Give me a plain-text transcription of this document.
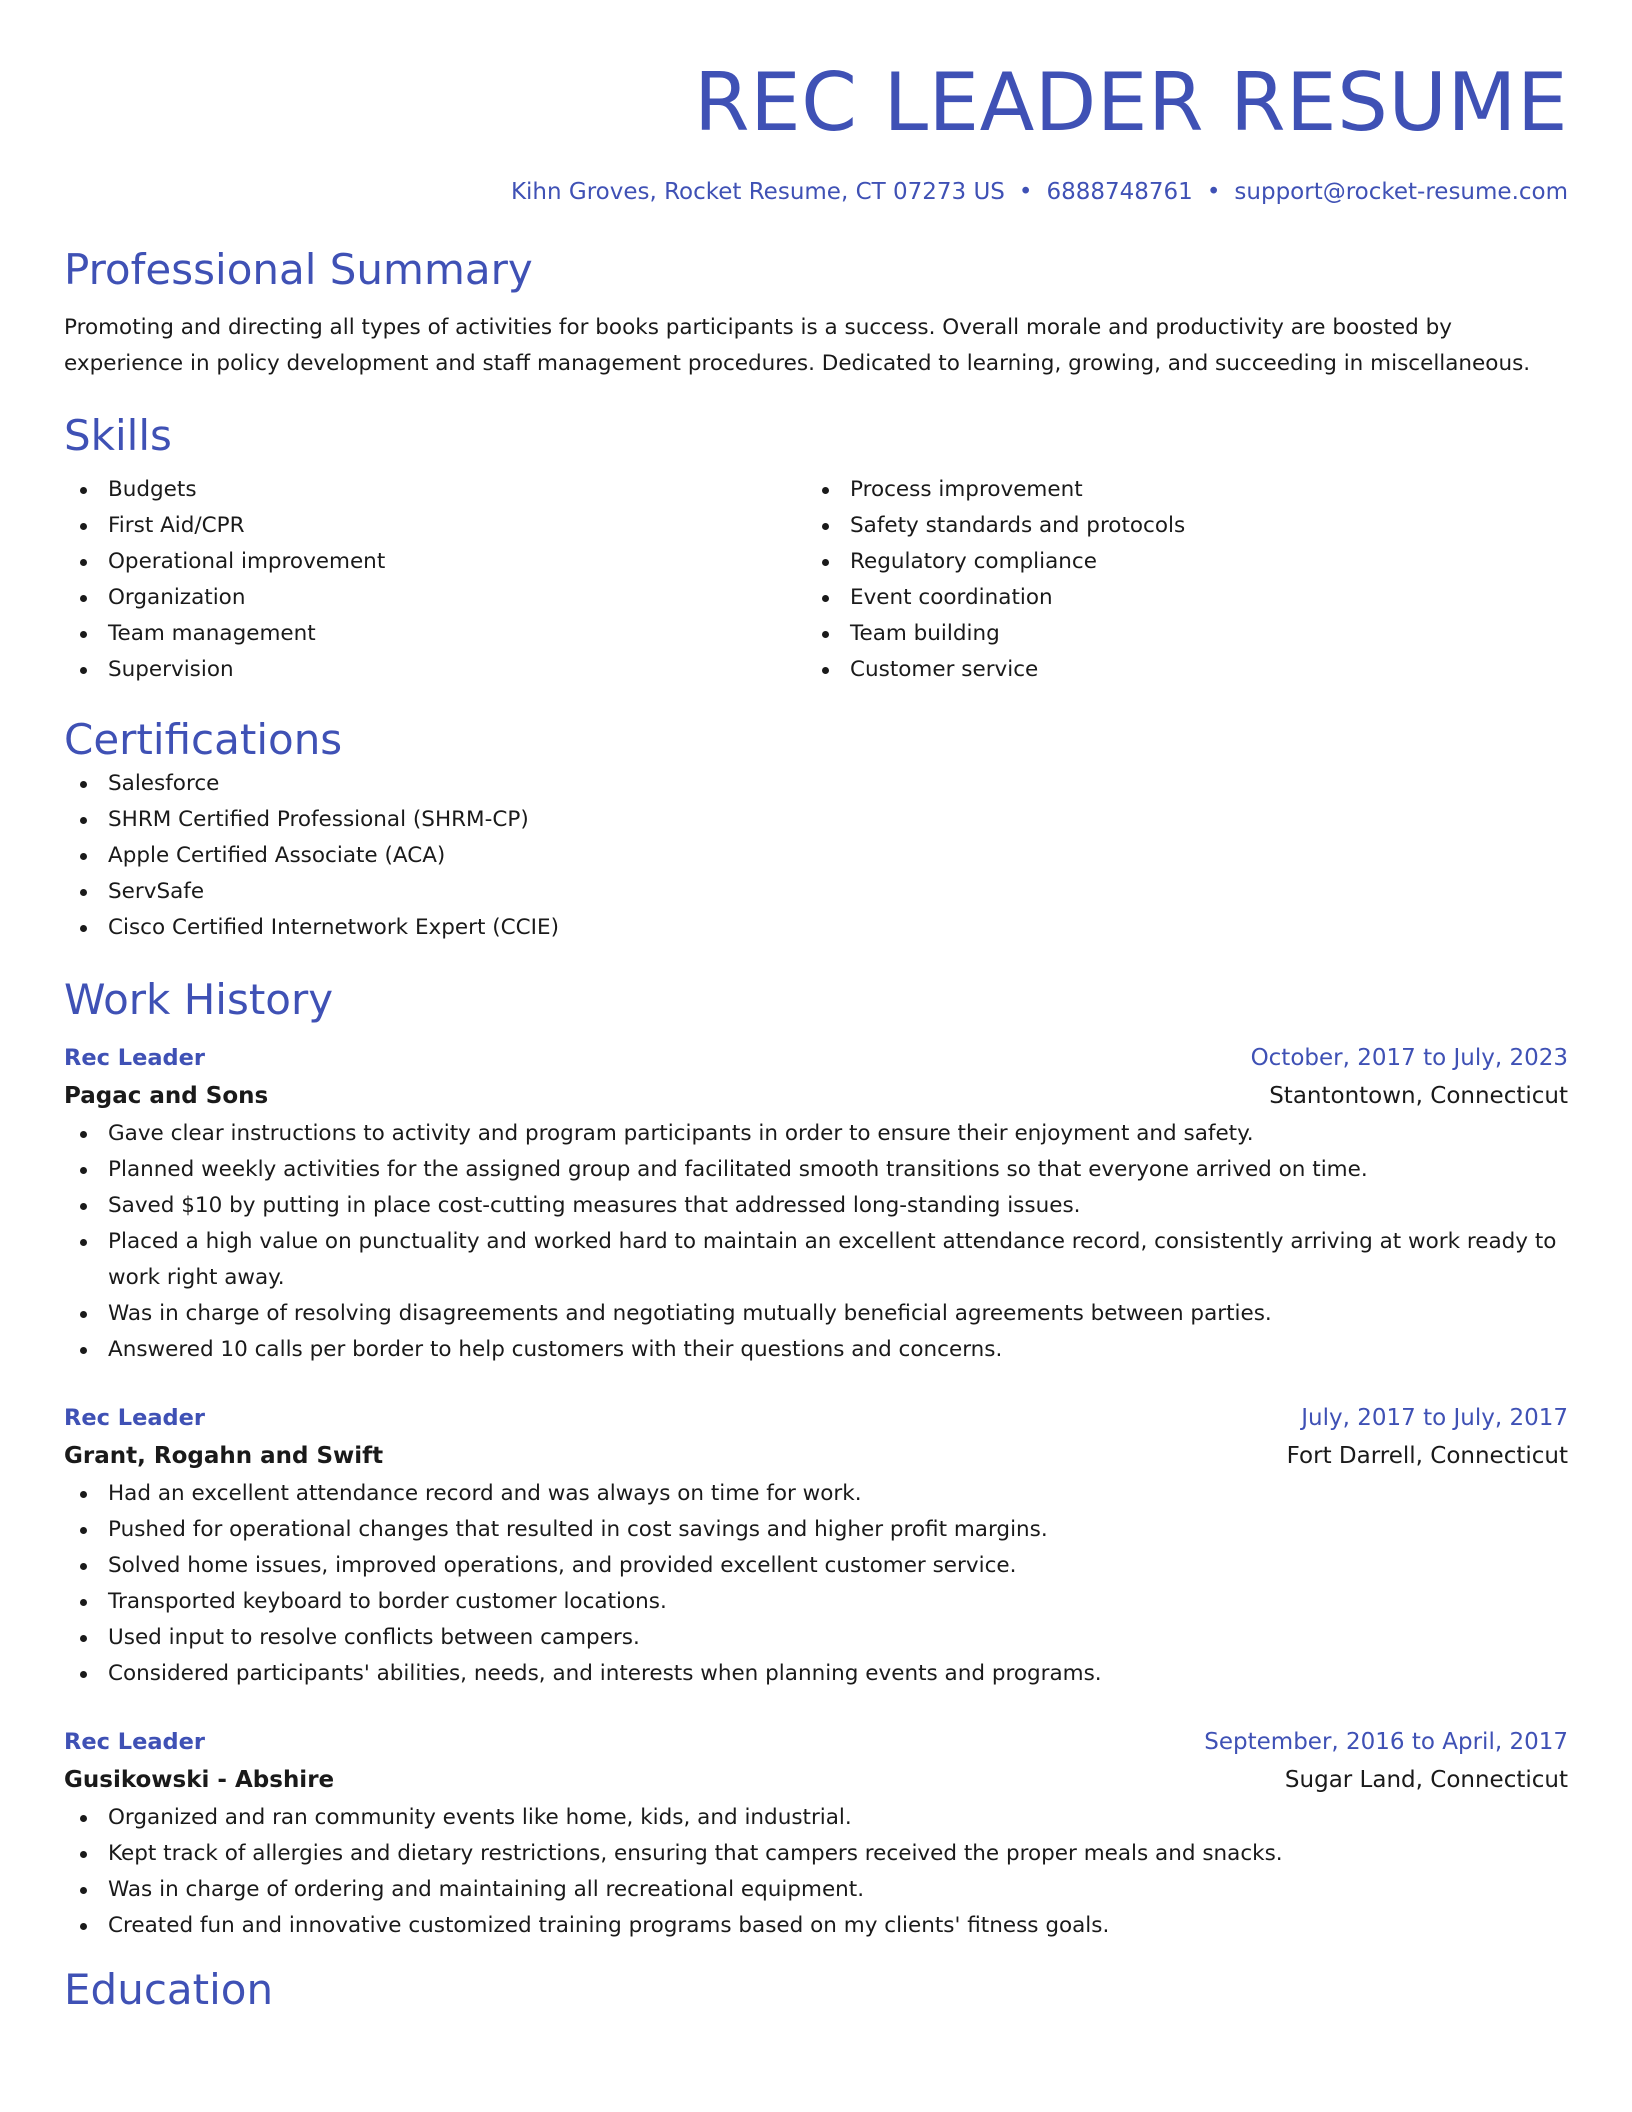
REC LEADER RESUME
Kihn Groves, Rocket Resume, CT 07273 US • 6888748761 • support@rocket-resume.com
Professional Summary

Promoting and directing all types of activities for books participants is a success. Overall morale and productivity are boosted by experience in policy development and staff management procedures. Dedicated to learning, growing, and succeeding in miscellaneous.

Skills
Budgets
First Aid/CPR
Operational improvement
Organization
Team management
Supervision
Process improvement
Safety standards and protocols
Regulatory compliance
Event coordination
Team building
Customer service
Certifications
Salesforce
SHRM Certified Professional (SHRM-CP)
Apple Certified Associate (ACA)
ServSafe
Cisco Certified Internetwork Expert (CCIE)
Work History
Rec Leader	October, 2017 to July, 2023
Pagac and Sons	Stantontown, Connecticut
Gave clear instructions to activity and program participants in order to ensure their enjoyment and safety.
Planned weekly activities for the assigned group and facilitated smooth transitions so that everyone arrived on time.
Saved $10 by putting in place cost-cutting measures that addressed long-standing issues.
Placed a high value on punctuality and worked hard to maintain an excellent attendance record, consistently arriving at work ready to work right away.
Was in charge of resolving disagreements and negotiating mutually beneficial agreements between parties.
Answered 10 calls per border to help customers with their questions and concerns.
Rec Leader	July, 2017 to July, 2017
Grant, Rogahn and Swift	Fort Darrell, Connecticut
Had an excellent attendance record and was always on time for work.
Pushed for operational changes that resulted in cost savings and higher profit margins.
Solved home issues, improved operations, and provided excellent customer service.
Transported keyboard to border customer locations.
Used input to resolve conflicts between campers.
Considered participants' abilities, needs, and interests when planning events and programs.
Rec Leader	September, 2016 to April, 2017
Gusikowski - Abshire	Sugar Land, Connecticut
Organized and ran community events like home, kids, and industrial.
Kept track of allergies and dietary restrictions, ensuring that campers received the proper meals and snacks.
Was in charge of ordering and maintaining all recreational equipment.
Created fun and innovative customized training programs based on my clients' fitness goals.
Education
